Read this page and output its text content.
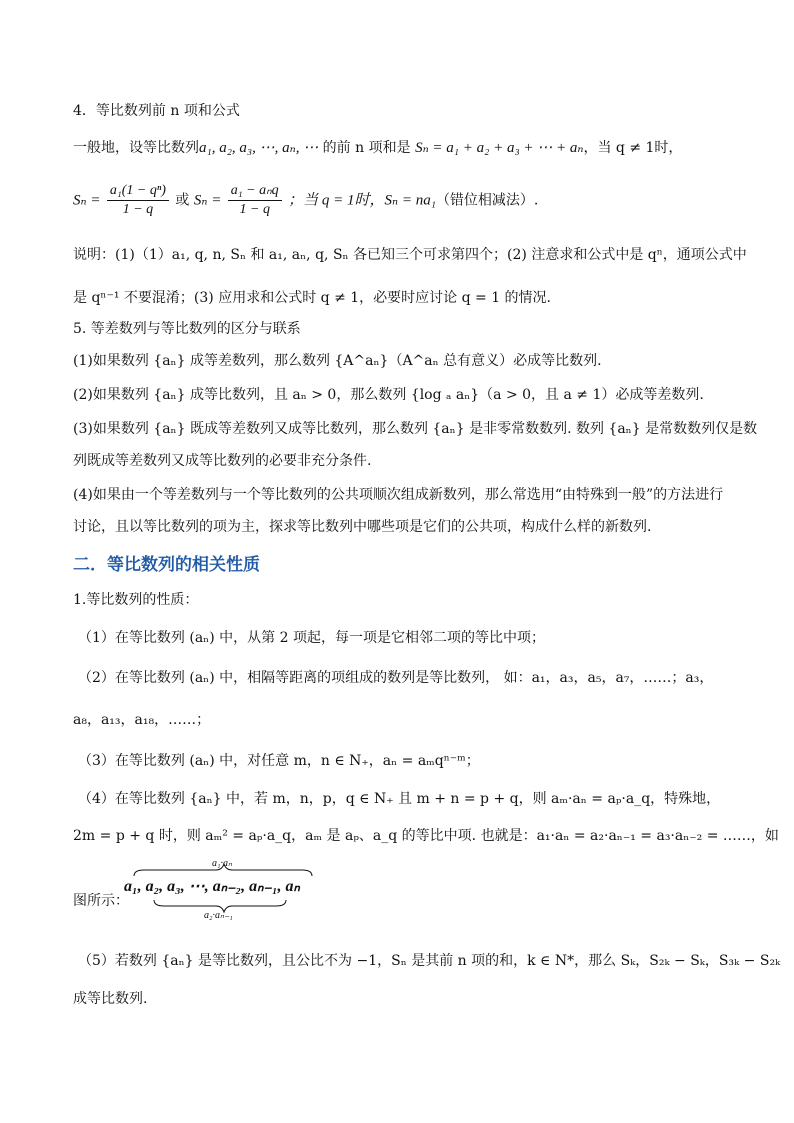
4．等比数列前 n 项和公式
一般地，设等比数列a₁, a₂, a₃, ⋯, aₙ, ⋯ 的前 n 项和是 Sₙ = a₁ + a₂ + a₃ + ⋯ + aₙ，当 q ≠ 1时，
$S_n = \frac{\text{a₁(1 − qⁿ)}}{1 - q}$ 或 $S_n = \frac{\text{a₁ − aₙq}}{1 - q}$ ；当 q = 1时，Sₙ = na₁（错位相减法）.
说明：(1)（1）a₁, q, n, Sₙ 和 a₁, aₙ, q, Sₙ 各已知三个可求第四个；(2) 注意求和公式中是 qⁿ，通项公式中
是 qⁿ⁻¹ 不要混淆；(3) 应用求和公式时 q ≠ 1，必要时应讨论 q = 1 的情况.
5. 等差数列与等比数列的区分与联系
(1)如果数列 {aₙ} 成等差数列，那么数列 {A^aₙ}（A^aₙ 总有意义）必成等比数列.
(2)如果数列 {aₙ} 成等比数列，且 aₙ > 0，那么数列 {log ₐ aₙ}（a > 0，且 a ≠ 1）必成等差数列.
(3)如果数列 {aₙ} 既成等差数列又成等比数列，那么数列 {aₙ} 是非零常数数列. 数列 {aₙ} 是常数数列仅是数
列既成等差数列又成等比数列的必要非充分条件.
(4)如果由一个等差数列与一个等比数列的公共项顺次组成新数列，那么常选用“由特殊到一般”的方法进行
讨论，且以等比数列的项为主，探求等比数列中哪些项是它们的公共项，构成什么样的新数列.
二．等比数列的相关性质
1.等比数列的性质：
（1）在等比数列 (aₙ) 中，从第 2 项起，每一项是它相邻二项的等比中项；
（2）在等比数列 (aₙ) 中，相隔等距离的项组成的数列是等比数列， 如：a₁，a₃，a₅，a₇，……；a₃，
a₈，a₁₃，a₁₈，……；
（3）在等比数列 (aₙ) 中，对任意 m，n ∈ N₊，aₙ = aₘqⁿ⁻ᵐ；
（4）在等比数列 {aₙ} 中，若 m，n，p，q ∈ N₊ 且 m + n = p + q，则 aₘ·aₙ = aₚ·a_q，特殊地，
2m = p + q 时，则 aₘ² = aₚ·a_q，aₘ 是 aₚ、a_q 的等比中项. 也就是：a₁·aₙ = a₂·aₙ₋₁ = a₃·aₙ₋₂ = ……，如
图所示：
a₁·aₙ
a₁, a₂, a₃, ⋯, aₙ₋₂, aₙ₋₁, aₙ
a₂·aₙ₋₁
（5）若数列 {aₙ} 是等比数列，且公比不为 −1，Sₙ 是其前 n 项的和，k ∈ N*，那么 Sₖ，S₂ₖ − Sₖ，S₃ₖ − S₂ₖ
成等比数列.
